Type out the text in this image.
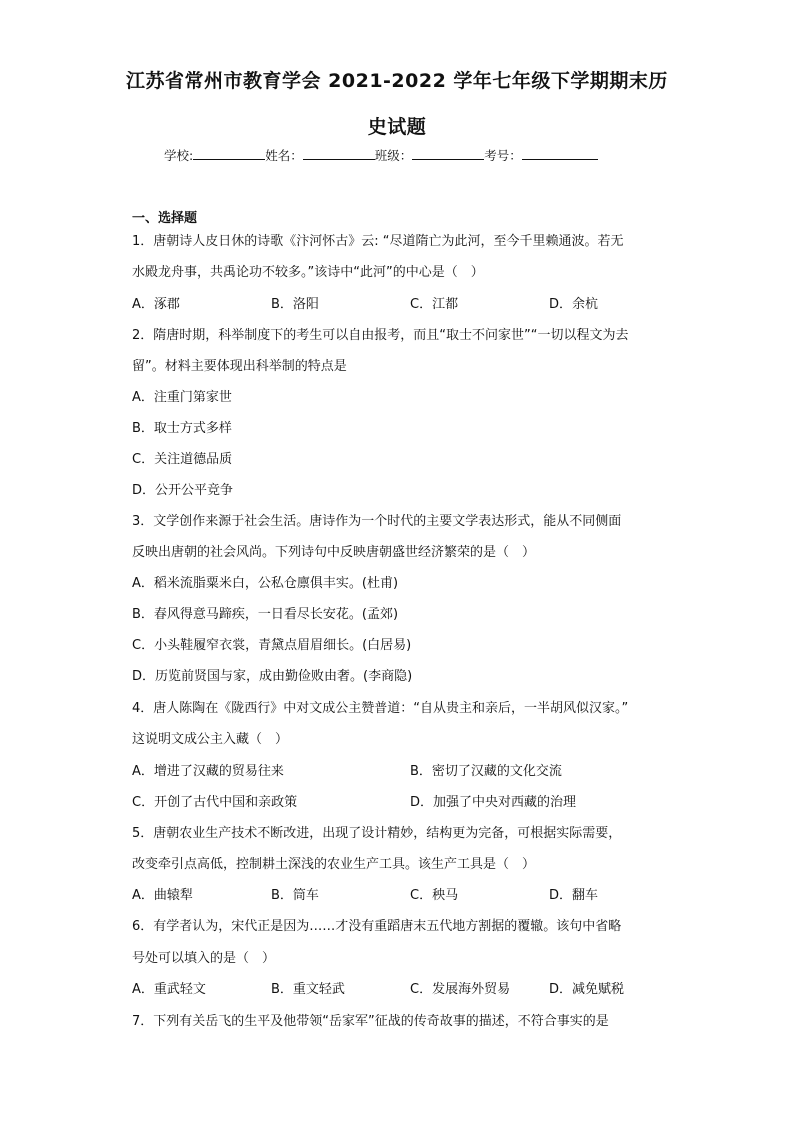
江苏省常州市教育学会 2021-2022 学年七年级下学期期末历
史试题
学校:	姓名：	班级：	考号：
一、选择题
1．唐朝诗人皮日休的诗歌《汴河怀古》云: “尽道隋亡为此河，至今千里赖通波。若无
水殿龙舟事，共禹论功不较多。”该诗中“此河”的中心是（　）
A．涿郡	B．洛阳	C．江都	D．余杭
2．隋唐时期，科举制度下的考生可以自由报考，而且“取士不问家世”“一切以程文为去
留”。材料主要体现出科举制的特点是
A．注重门第家世
B．取士方式多样
C．关注道德品质
D．公开公平竞争
3．文学创作来源于社会生活。唐诗作为一个时代的主要文学表达形式，能从不同侧面
反映出唐朝的社会风尚。下列诗句中反映唐朝盛世经济繁荣的是（　）
A．稻米流脂粟米白，公私仓廪俱丰实。(杜甫)
B．春风得意马蹄疾，一日看尽长安花。(孟郊)
C．小头鞋履窄衣裳，青黛点眉眉细长。(白居易)
D．历览前贤国与家，成由勤俭败由奢。(李商隐)
4．唐人陈陶在《陇西行》中对文成公主赞普道：“自从贵主和亲后，一半胡风似汉家。”
这说明文成公主入藏（　）
A．增进了汉藏的贸易往来	B．密切了汉藏的文化交流
C．开创了古代中国和亲政策	D．加强了中央对西藏的治理
5．唐朝农业生产技术不断改进，出现了设计精妙，结构更为完备，可根据实际需要，
改变牵引点高低，控制耕土深浅的农业生产工具。该生产工具是（　）
A．曲辕犁	B．筒车	C．秧马	D．翻车
6．有学者认为，宋代正是因为……才没有重蹈唐末五代地方割据的覆辙。该句中省略
号处可以填入的是（　）
A．重武轻文	B．重文轻武	C．发展海外贸易	D．减免赋税
7．下列有关岳飞的生平及他带领“岳家军”征战的传奇故事的描述，不符合事实的是
